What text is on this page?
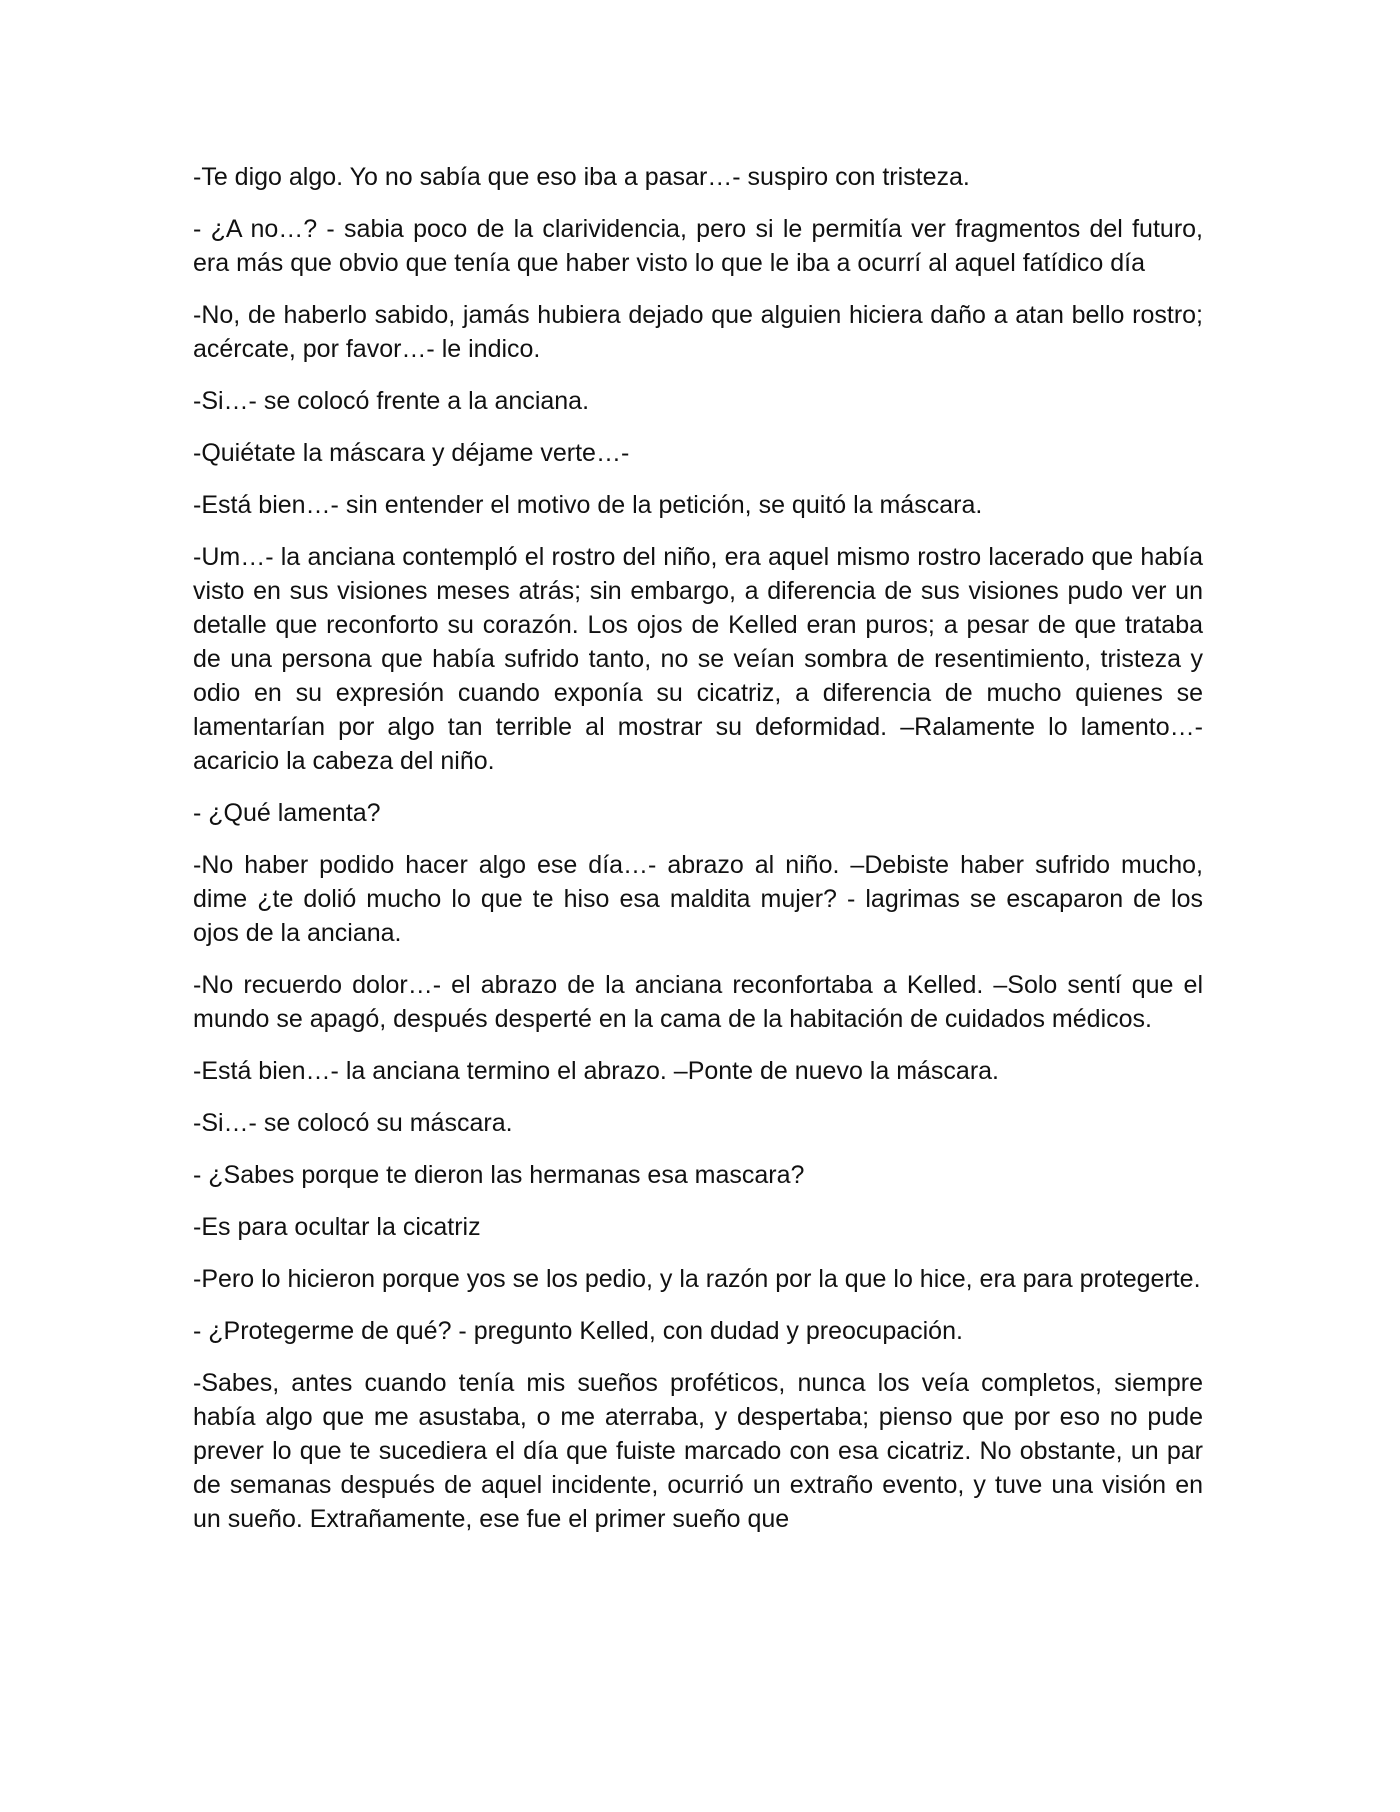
-Te digo algo. Yo no sabía que eso iba a pasar…- suspiro con tristeza.

- ¿A no…? - sabia poco de la clarividencia, pero si le permitía ver fragmentos del futuro, era más que obvio que tenía que haber visto lo que le iba a ocurrí al aquel fatídico día

-No, de haberlo sabido, jamás hubiera dejado que alguien hiciera daño a atan bello rostro; acércate, por favor…- le indico.

-Si…- se colocó frente a la anciana.

-Quiétate la máscara y déjame verte…-

-Está bien…- sin entender el motivo de la petición, se quitó la máscara.

-Um…- la anciana contempló el rostro del niño, era aquel mismo rostro lacerado que había visto en sus visiones meses atrás; sin embargo, a diferencia de sus visiones pudo ver un detalle que reconforto su corazón. Los ojos de Kelled eran puros; a pesar de que trataba de una persona que había sufrido tanto, no se veían sombra de resentimiento, tristeza y odio en su expresión cuando exponía su cicatriz, a diferencia de mucho quienes se lamentarían por algo tan terrible al mostrar su deformidad. –Ralamente lo lamento…- acaricio la cabeza del niño.

- ¿Qué lamenta?

-No haber podido hacer algo ese día…- abrazo al niño. –Debiste haber sufrido mucho, dime ¿te dolió mucho lo que te hiso esa maldita mujer? - lagrimas se escaparon de los ojos de la anciana.

-No recuerdo dolor…- el abrazo de la anciana reconfortaba a Kelled. –Solo sentí que el mundo se apagó, después desperté en la cama de la habitación de cuidados médicos.

-Está bien…- la anciana termino el abrazo. –Ponte de nuevo la máscara.

-Si…- se colocó su máscara.

- ¿Sabes porque te dieron las hermanas esa mascara?

-Es para ocultar la cicatriz

-Pero lo hicieron porque yos se los pedio, y la razón por la que lo hice, era para protegerte.

- ¿Protegerme de qué? - pregunto Kelled, con dudad y preocupación.

-Sabes, antes cuando tenía mis sueños proféticos, nunca los veía completos, siempre había algo que me asustaba, o me aterraba, y despertaba; pienso que por eso no pude prever lo que te sucediera el día que fuiste marcado con esa cicatriz. No obstante, un par de semanas después de aquel incidente, ocurrió un extraño evento, y tuve una visión en un sueño. Extrañamente, ese fue el primer sueño que
